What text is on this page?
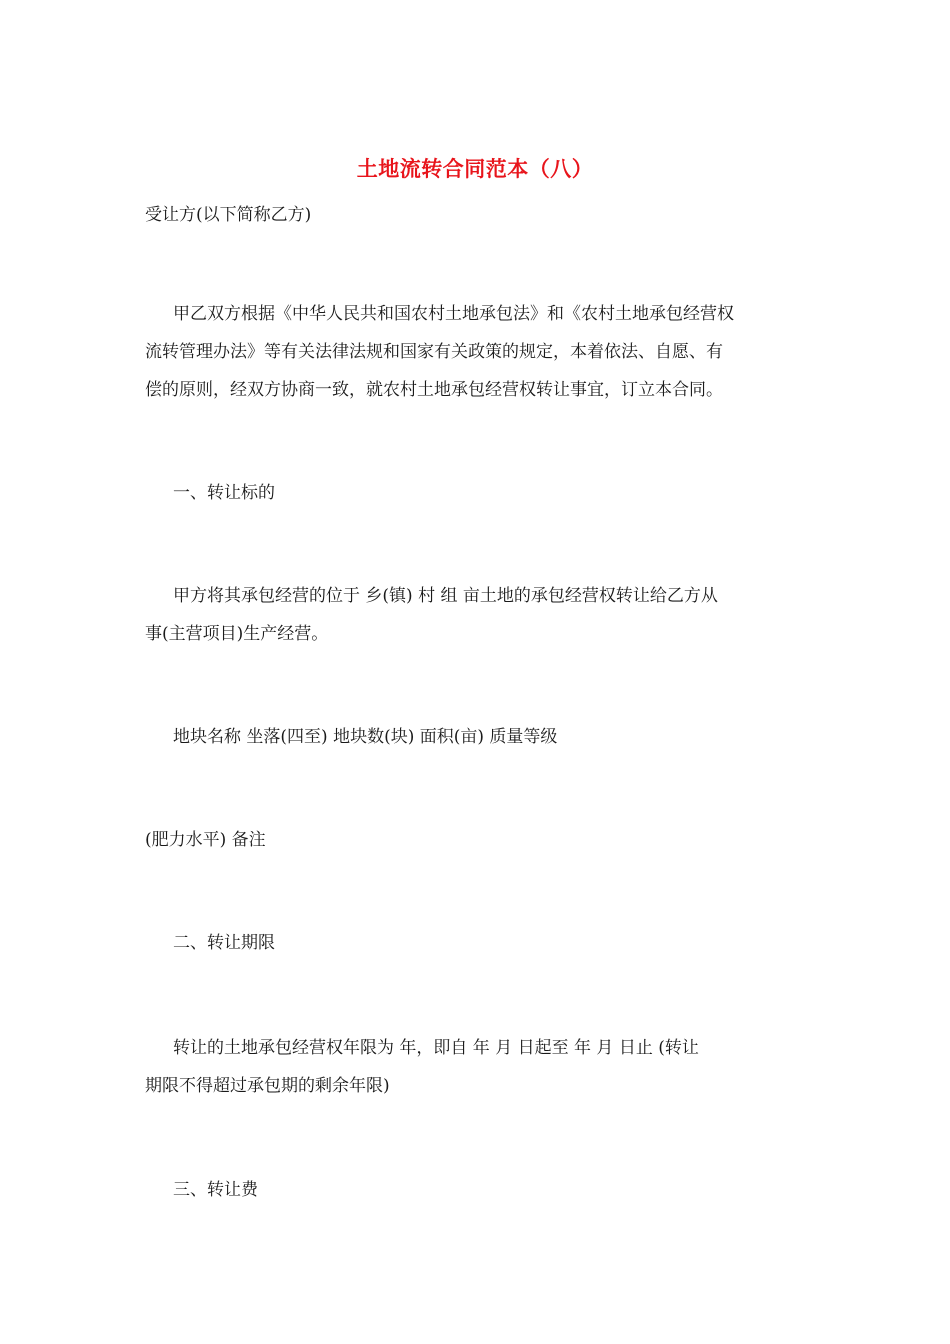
土地流转合同范本（八）

受让方(以下简称乙方)

甲乙双方根据《中华人民共和国农村土地承包法》和《农村土地承包经营权

流转管理办法》等有关法律法规和国家有关政策的规定，本着依法、自愿、有

偿的原则，经双方协商一致，就农村土地承包经营权转让事宜，订立本合同。

一、转让标的

甲方将其承包经营的位于 乡(镇) 村 组 亩土地的承包经营权转让给乙方从

事(主营项目)生产经营。

地块名称 坐落(四至) 地块数(块) 面积(亩) 质量等级

(肥力水平) 备注

二、转让期限

转让的土地承包经营权年限为 年，即自 年 月 日起至 年 月 日止 (转让

期限不得超过承包期的剩余年限)

三、转让费
